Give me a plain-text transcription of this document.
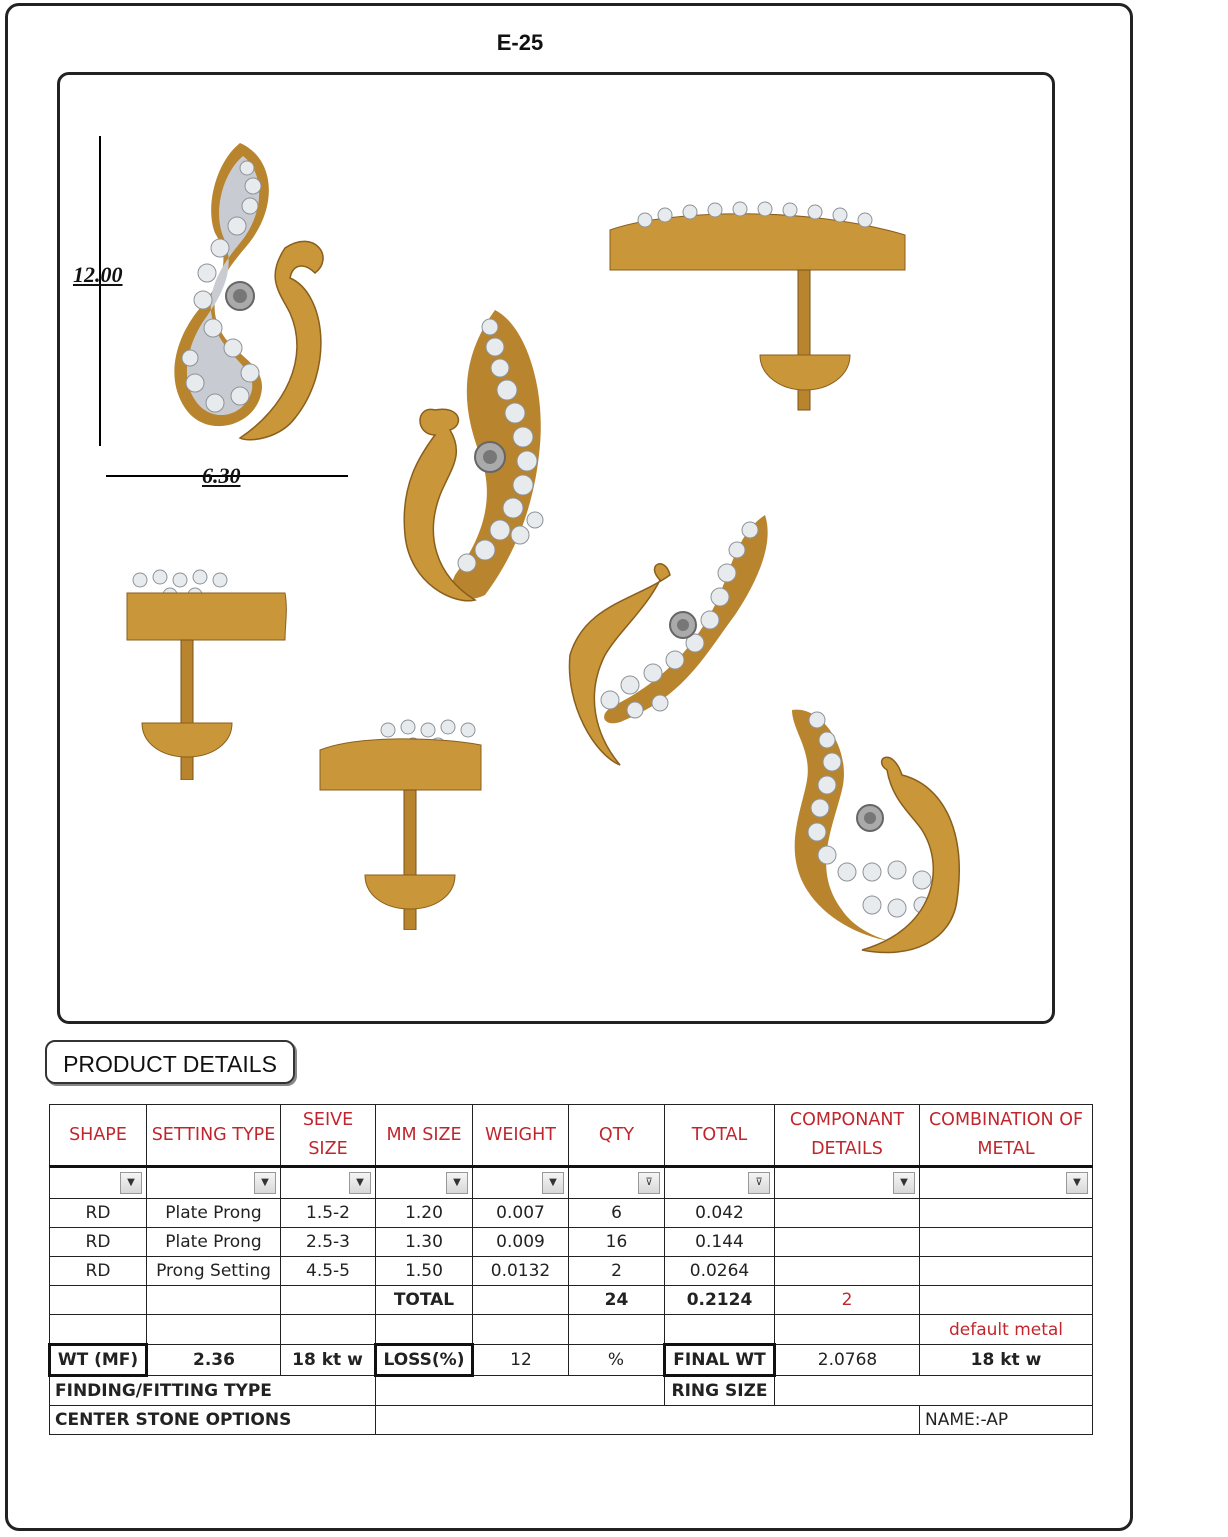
E-25
12.00
6.30
PRODUCT DETAILS
SHAPE	SETTING TYPE	SEIVE SIZE	MM SIZE	WEIGHT	QTY	TOTAL	COMPONANT DETAILS	COMBINATION OF METAL

▼	▼	▼	▼	▼	⊽	⊽	▼	▼
RD	Plate Prong	1.5-2	1.20	0.007	6	0.042		
RD	Plate Prong	2.5-3	1.30	0.009	16	0.144		
RD	Prong Setting	4.5-5	1.50	0.0132	2	0.0264		
			TOTAL		24	0.2124	2	
								default metal
WT (MF)	2.36	18 kt w	LOSS(%)	12	%	FINAL WT	2.0768	18 kt w
FINDING/FITTING TYPE						RING SIZE		
CENTER STONE OPTIONS								NAME:-AP
